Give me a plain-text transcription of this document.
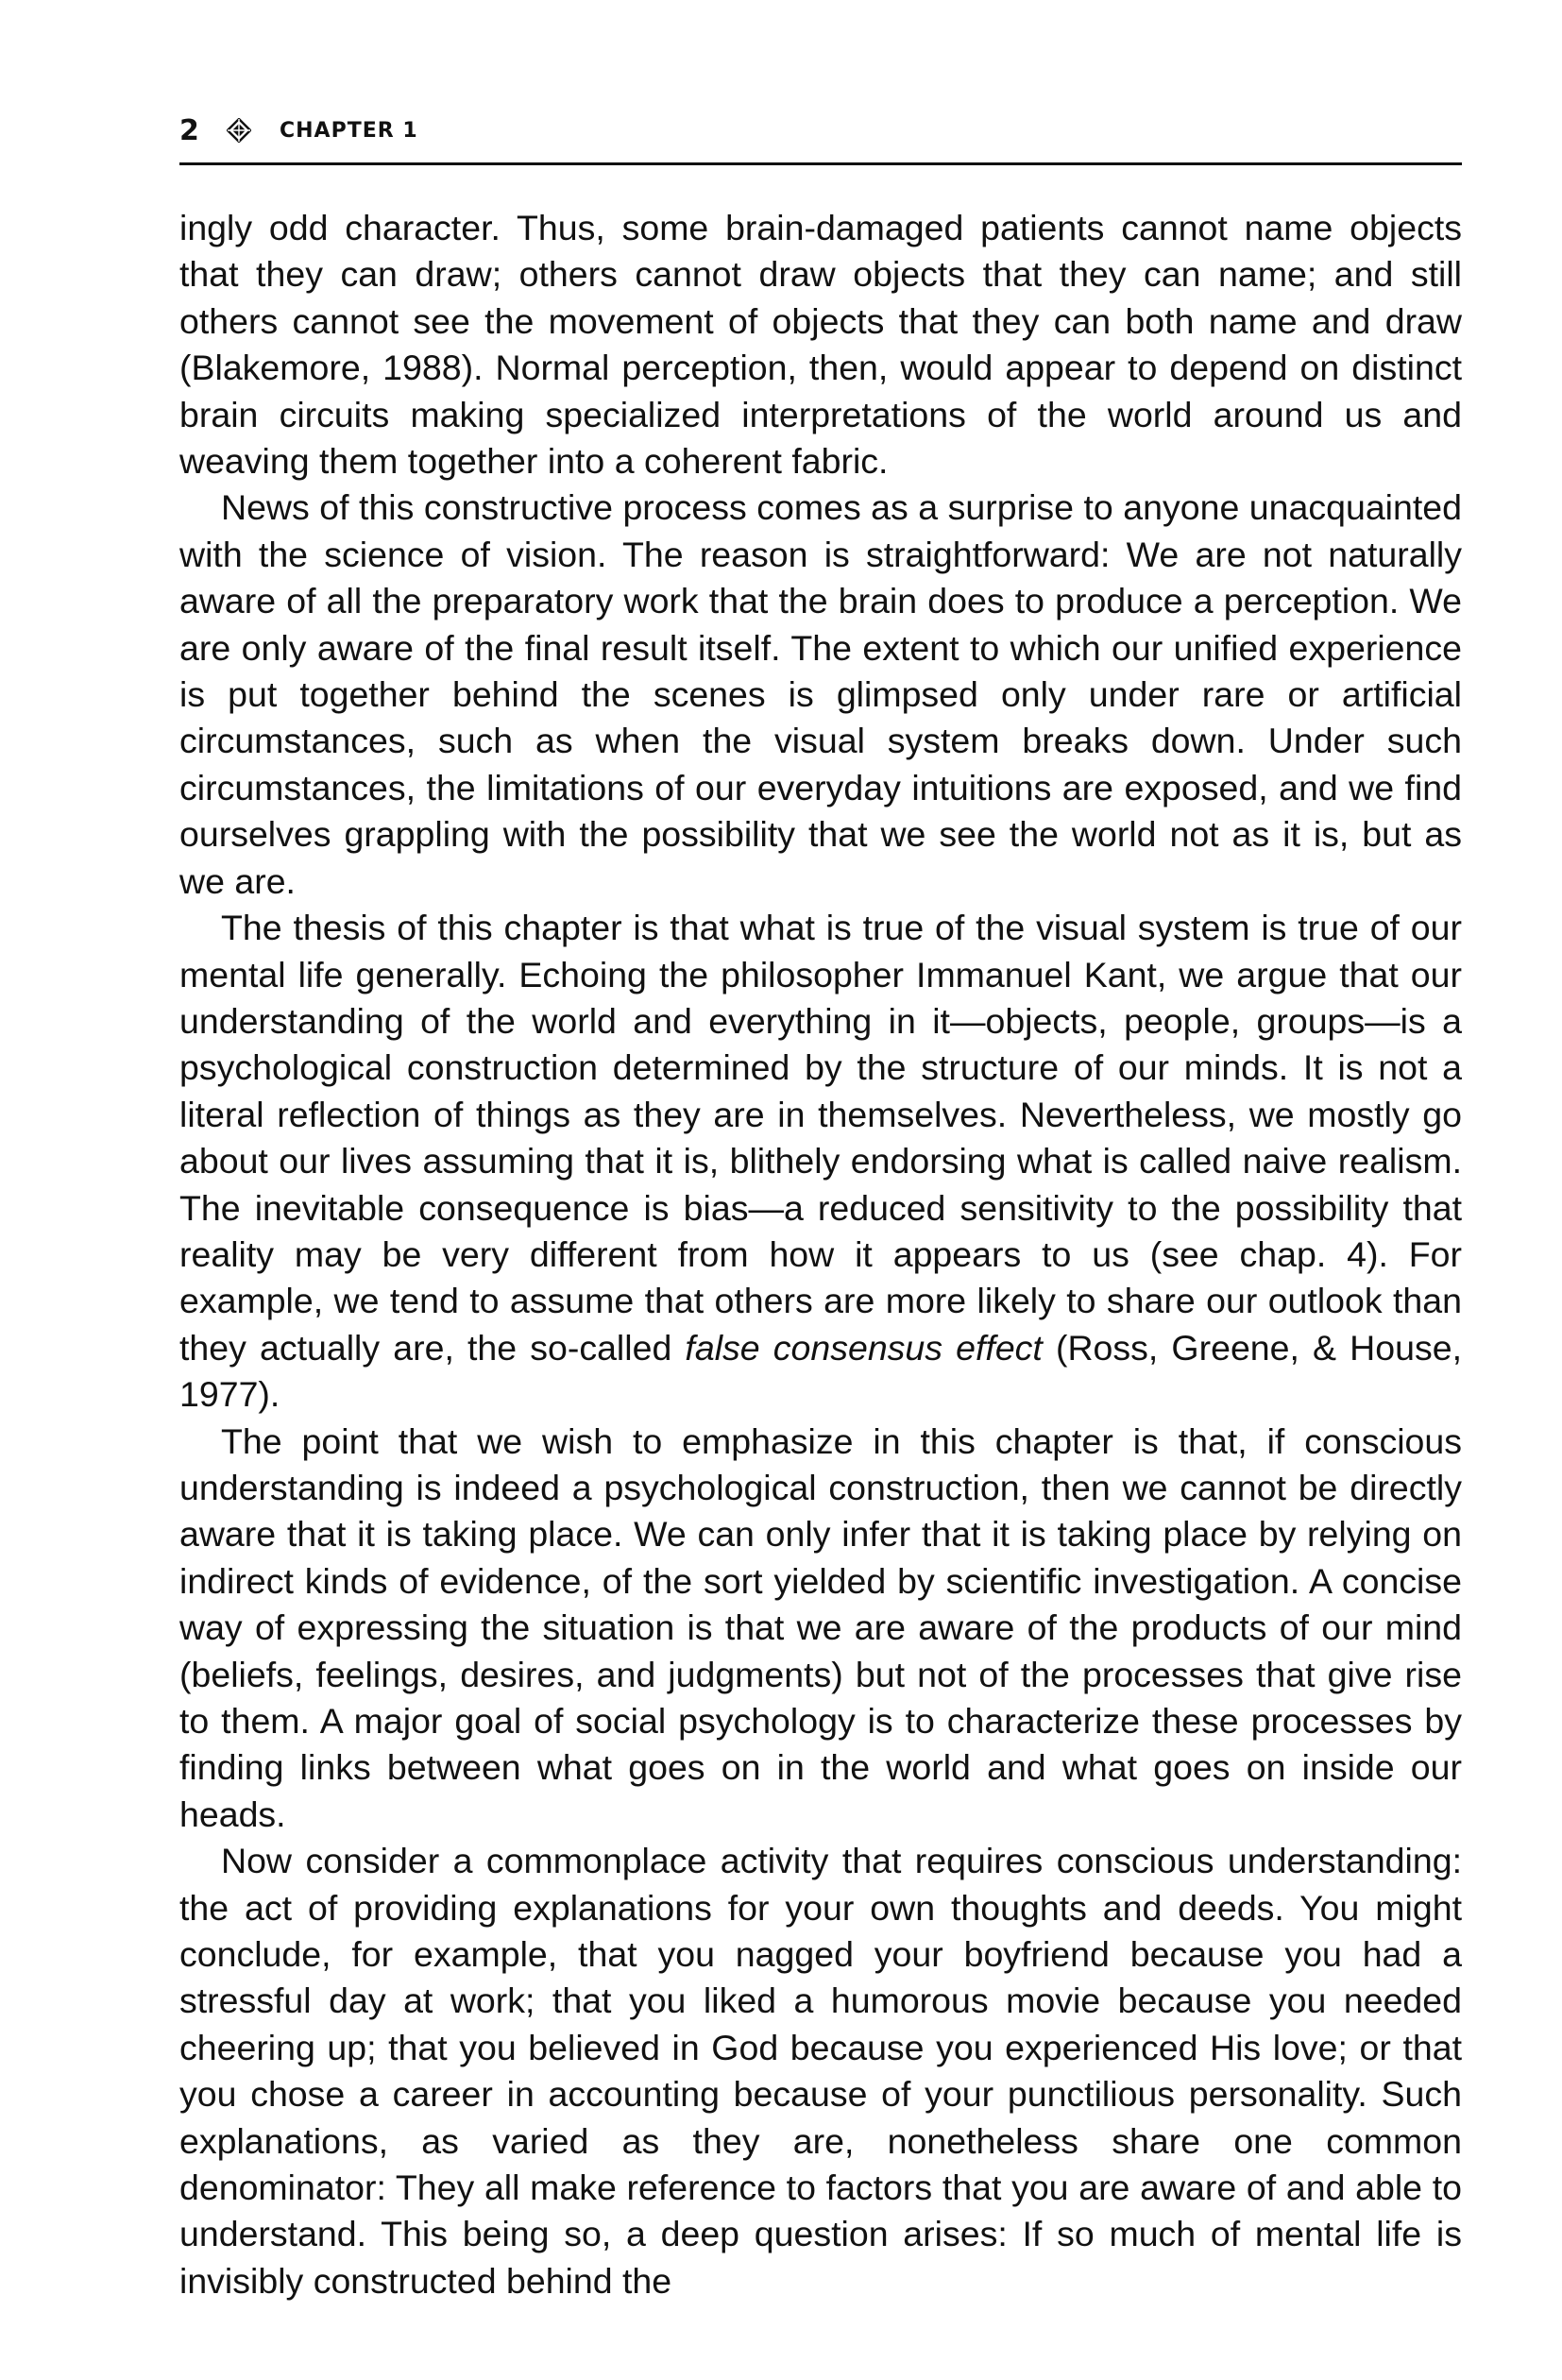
2	CHAPTER 1

ingly odd character. Thus, some brain-damaged patients cannot name objects that they can draw; others cannot draw objects that they can name; and still others cannot see the movement of objects that they can both name and draw (Blakemore, 1988). Normal perception, then, would appear to depend on distinct brain circuits making specialized interpretations of the world around us and weaving them together into a coherent fabric.

News of this constructive process comes as a surprise to anyone unacquainted with the science of vision. The reason is straightforward: We are not naturally aware of all the preparatory work that the brain does to produce a perception. We are only aware of the final result itself. The extent to which our unified experience is put together behind the scenes is glimpsed only under rare or artificial circumstances, such as when the visual system breaks down. Under such circumstances, the limitations of our everyday intuitions are exposed, and we find ourselves grappling with the possibility that we see the world not as it is, but as we are.

The thesis of this chapter is that what is true of the visual system is true of our mental life generally. Echoing the philosopher Immanuel Kant, we argue that our understanding of the world and everything in it—objects, people, groups—is a psychological construction determined by the structure of our minds. It is not a literal reflection of things as they are in themselves. Nevertheless, we mostly go about our lives assuming that it is, blithely endorsing what is called naive realism. The inevitable consequence is bias—a reduced sensitivity to the possibility that reality may be very different from how it appears to us (see chap. 4). For example, we tend to assume that others are more likely to share our outlook than they actually are, the so-called false consensus effect (Ross, Greene, & House, 1977).

The point that we wish to emphasize in this chapter is that, if conscious understanding is indeed a psychological construction, then we cannot be directly aware that it is taking place. We can only infer that it is taking place by relying on indirect kinds of evidence, of the sort yielded by scientific investigation. A concise way of expressing the situation is that we are aware of the products of our mind (beliefs, feelings, desires, and judgments) but not of the processes that give rise to them. A major goal of social psychology is to characterize these processes by finding links between what goes on in the world and what goes on inside our heads.

Now consider a commonplace activity that requires conscious understanding: the act of providing explanations for your own thoughts and deeds. You might conclude, for example, that you nagged your boyfriend because you had a stressful day at work; that you liked a humorous movie because you needed cheering up; that you believed in God because you experienced His love; or that you chose a career in accounting because of your punctilious personality. Such explanations, as varied as they are, nonetheless share one common denominator: They all make reference to factors that you are aware of and able to understand. This being so, a deep question arises: If so much of mental life is invisibly constructed behind the
